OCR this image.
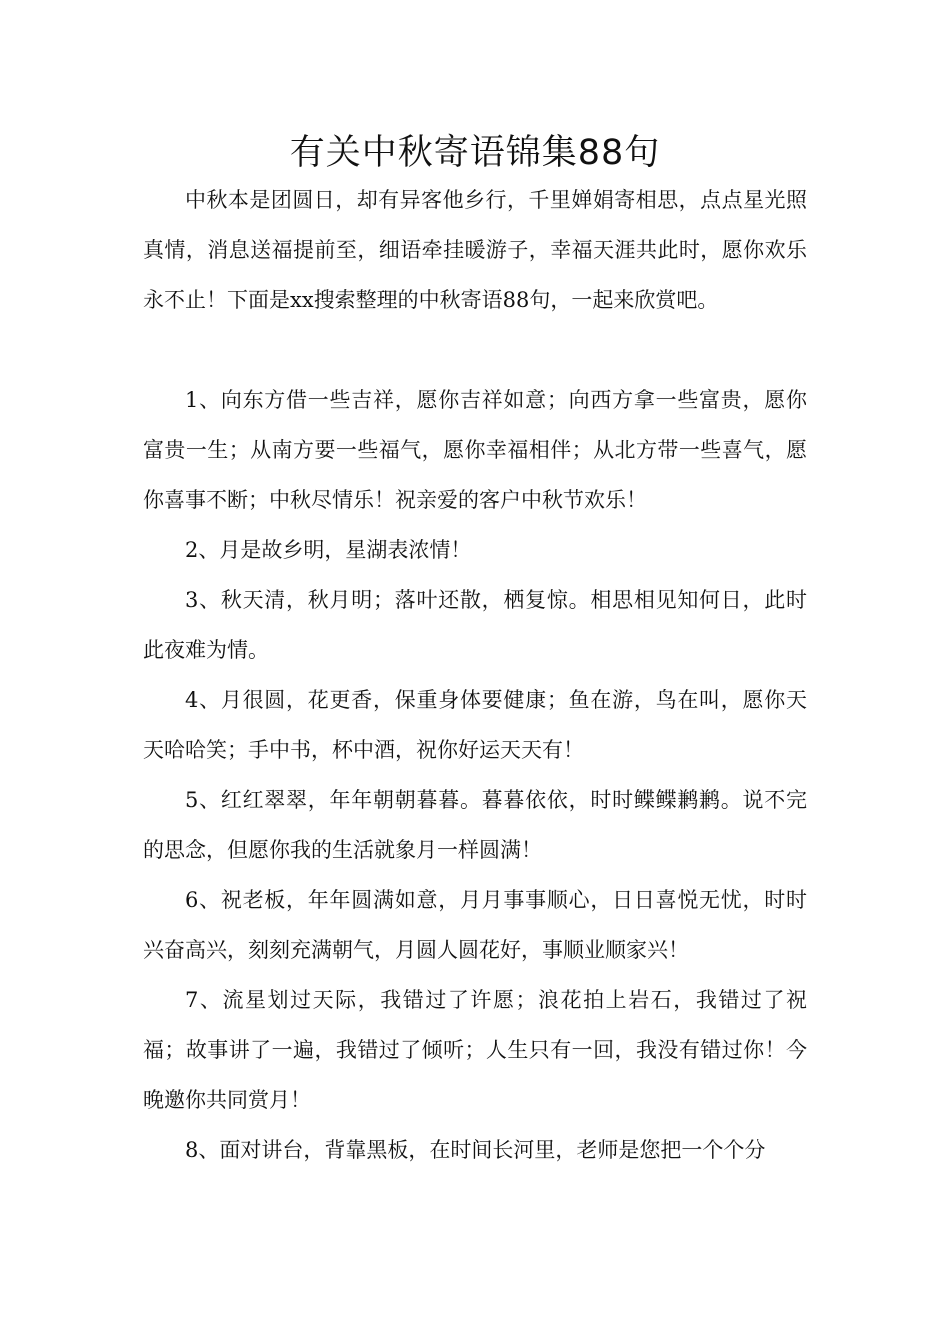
有关中秋寄语锦集88句

中秋本是团圆日，却有异客他乡行，千里婵娟寄相思，点点星光照真情，消息送福提前至，细语牵挂暖游子，幸福天涯共此时，愿你欢乐永不止！下面是xx搜索整理的中秋寄语88句，一起来欣赏吧。

1、向东方借一些吉祥，愿你吉祥如意；向西方拿一些富贵，愿你富贵一生；从南方要一些福气，愿你幸福相伴；从北方带一些喜气，愿你喜事不断；中秋尽情乐！祝亲爱的客户中秋节欢乐！

2、月是故乡明，星湖表浓情！

3、秋天清，秋月明；落叶还散，栖复惊。相思相见知何日，此时此夜难为情。

4、月很圆，花更香，保重身体要健康；鱼在游，鸟在叫，愿你天天哈哈笑；手中书，杯中酒，祝你好运天天有！

5、红红翠翠，年年朝朝暮暮。暮暮依依，时时鲽鲽鹣鹣。说不完的思念，但愿你我的生活就象月一样圆满！

6、祝老板，年年圆满如意，月月事事顺心，日日喜悦无忧，时时兴奋高兴，刻刻充满朝气，月圆人圆花好，事顺业顺家兴！

7、流星划过天际，我错过了许愿；浪花拍上岩石，我错过了祝福；故事讲了一遍，我错过了倾听；人生只有一回，我没有错过你！今晚邀你共同赏月！

8、面对讲台，背靠黑板，在时间长河里，老师是您把一个个分
